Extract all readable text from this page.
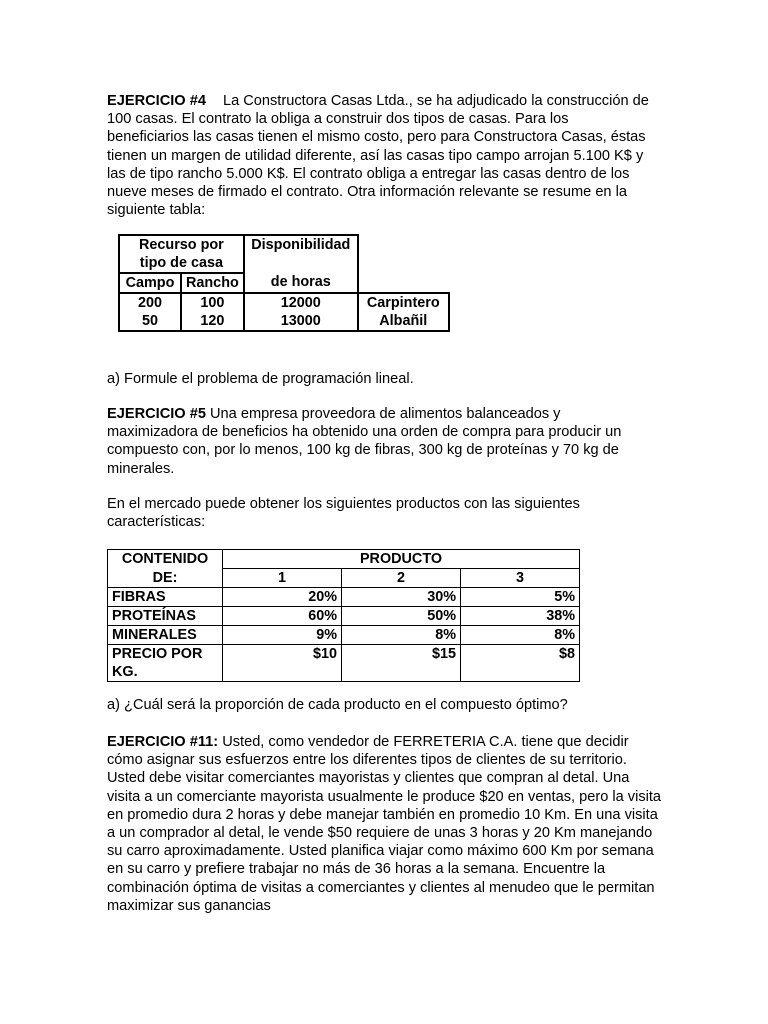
EJERCICIO #4 La Constructora Casas Ltda., se ha adjudicado la construcción de 100 casas. El contrato la obliga a construir dos tipos de casas. Para los beneficiarios las casas tienen el mismo costo, pero para Constructora Casas, éstas tienen un margen de utilidad diferente, así las casas tipo campo arrojan 5.100 K$ y las de tipo rancho 5.000 K$. El contrato obliga a entregar las casas dentro de los nueve meses de firmado el contrato. Otra información relevante se resume en la siguiente tabla:

Recurso por tipo de casa		Disponibilidad	
Campo	Rancho	de horas	
200	100	12000	Carpintero
50	120	13000	Albañil

a) Formule el problema de programación lineal.

EJERCICIO #5 Una empresa proveedora de alimentos balanceados y maximizadora de beneficios ha obtenido una orden de compra para producir un compuesto con, por lo menos, 100 kg de fibras, 300 kg de proteínas y 70 kg de minerales.

En el mercado puede obtener los siguientes productos con las siguientes características:

CONTENIDO	PRODUCTO		
DE:	1	2	3
FIBRAS	20%	30%	5%
PROTEÍNAS	60%	50%	38%
MINERALES	9%	8%	8%
PRECIO POR KG.	$10	$15	$8

a) ¿Cuál será la proporción de cada producto en el compuesto óptimo?

EJERCICIO #11: Usted, como vendedor de FERRETERIA C.A. tiene que decidir cómo asignar sus esfuerzos entre los diferentes tipos de clientes de su territorio. Usted debe visitar comerciantes mayoristas y clientes que compran al detal. Una visita a un comerciante mayorista usualmente le produce $20 en ventas, pero la visita en promedio dura 2 horas y debe manejar también en promedio 10 Km. En una visita a un comprador al detal, le vende $50 requiere de unas 3 horas y 20 Km manejando su carro aproximadamente. Usted planifica viajar como máximo 600 Km por semana en su carro y prefiere trabajar no más de 36 horas a la semana. Encuentre la combinación óptima de visitas a comerciantes y clientes al menudeo que le permitan maximizar sus ganancias
